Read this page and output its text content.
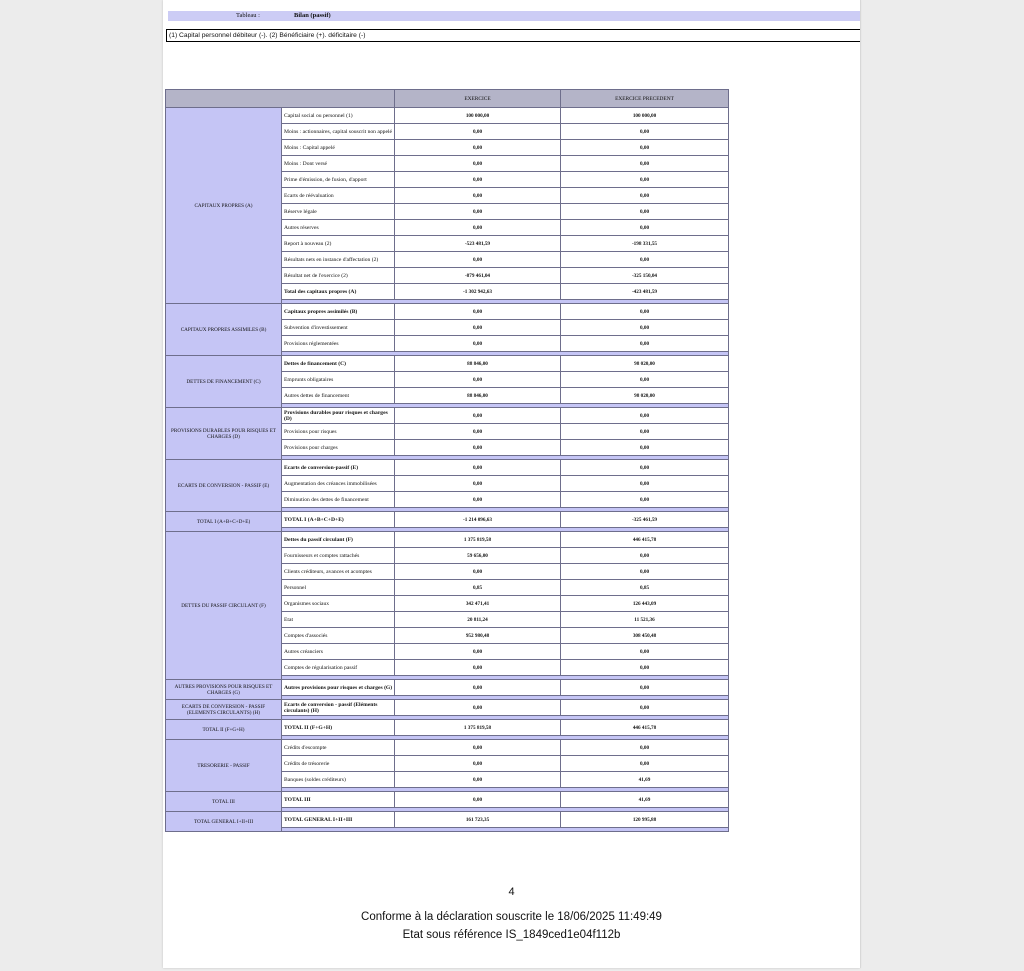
Tableau :	Bilan (passif)
(1) Capital personnel débiteur (-). (2) Bénéficiaire (+). déficitaire (-)
		EXERCICE	EXERCICE PRECEDENT
CAPITAUX PROPRES (A)	Capital social ou personnel (1)	100 000,00	100 000,00
	Moins : actionnaires, capital souscrit non appelé	0,00	0,00
	Moins : Capital appelé	0,00	0,00
	Moins : Dont versé	0,00	0,00
	Prime d'émission, de fusion, d'apport	0,00	0,00
	Ecarts de réévaluation	0,00	0,00
	Réserve légale	0,00	0,00
	Autres réserves	0,00	0,00
	Report à nouveau (2)	-523 481,59	-198 331,55
	Résultats nets en instance d'affectation (2)	0,00	0,00
	Résultat net de l'exercice (2)	-879 461,04	-325 150,04
	Total des capitaux propres (A)	-1 302 942,63	-423 481,59

CAPITAUX PROPRES ASSIMILES (B)	Capitaux propres assimilés (B)	0,00	0,00
	Subvention d'investissement	0,00	0,00
	Provisions réglementées	0,00	0,00

DETTES DE FINANCEMENT (C)	Dettes de financement (C)	88 846,00	98 020,00
	Emprunts obligataires	0,00	0,00
	Autres dettes de financement	88 846,00	98 020,00

PROVISIONS DURABLES POUR RISQUES ET CHARGES (D)	Provisions durables pour risques et charges (D)	0,00	0,00
	Provisions pour risques	0,00	0,00
	Provisions pour charges	0,00	0,00

ECARTS DE CONVERSION - PASSIF (E)	Ecarts de conversion-passif (E)	0,00	0,00
	Augmentation des créances immobilisées	0,00	0,00
	Diminution des dettes de financement	0,00	0,00

TOTAL I (A+B+C+D+E)	TOTAL I (A+B+C+D+E)	-1 214 096,63	-325 461,59

DETTES DU PASSIF CIRCULANT (F)	Dettes du passif circulant (F)	1 375 819,58	446 415,78
	Fournisseurs et comptes rattachés	59 656,00	0,00
	Clients créditeurs, avances et acomptes	0,00	0,00
	Personnel	0,85	0,85
	Organismes sociaux	342 471,41	126 443,09
	Etat	20 811,24	11 521,36
	Comptes d'associés	952 980,48	308 450,48
	Autres créanciers	0,00	0,00
	Comptes de régularisation passif	0,00	0,00

AUTRES PROVISIONS POUR RISQUES ET CHARGES (G)	Autres provisions pour risques et charges (G)	0,00	0,00

ECARTS DE CONVERSION - PASSIF (ELEMENTS CIRCULANTS) (H)	Ecarts de conversion - passif (Eléments circulants) (H)	0,00	0,00

TOTAL II (F+G+H)	TOTAL II (F+G+H)	1 375 819,58	446 415,78

TRESORERIE - PASSIF	Crédits d'escompte	0,00	0,00
	Crédits de trésorerie	0,00	0,00
	Banques (soldes créditeurs)	0,00	41,69

TOTAL III	TOTAL III	0,00	41,69

TOTAL GENERAL I+II+III	TOTAL GENERAL I+II+III	161 723,35	120 995,88

4
Conforme à la déclaration souscrite le 18/06/2025 11:49:49
Etat sous référence IS_1849ced1e04f112b
